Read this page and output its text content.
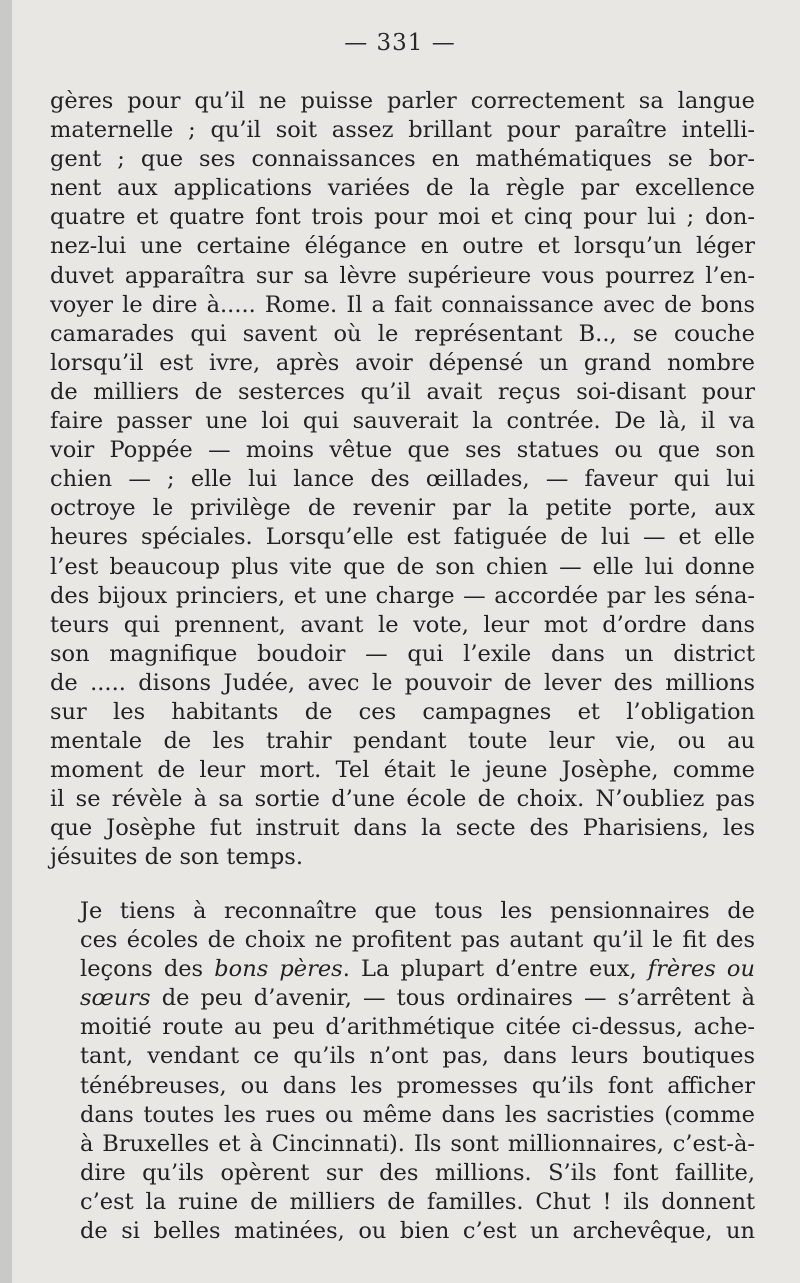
— 331 —
gères pour qu’il ne puisse parler correctement sa langue
maternelle ; qu’il soit assez brillant pour paraître intelli-
gent ; que ses connaissances en mathématiques se bor-
nent aux applications variées de la règle par excellence
quatre et quatre font trois pour moi et cinq pour lui ; don-
nez-lui une certaine élégance en outre et lorsqu’un léger
duvet apparaîtra sur sa lèvre supérieure vous pourrez l’en-
voyer le dire à..... Rome. Il a fait connaissance avec de bons
camarades qui savent où le représentant B.., se couche
lorsqu’il est ivre, après avoir dépensé un grand nombre
de milliers de sesterces qu’il avait reçus soi-disant pour
faire passer une loi qui sauverait la contrée. De là, il va
voir Poppée — moins vêtue que ses statues ou que son
chien — ; elle lui lance des œillades, — faveur qui lui
octroye le privilège de revenir par la petite porte, aux
heures spéciales. Lorsqu’elle est fatiguée de lui — et elle
l’est beaucoup plus vite que de son chien — elle lui donne
des bijoux princiers, et une charge — accordée par les séna-
teurs qui prennent, avant le vote, leur mot d’ordre dans
son magnifique boudoir — qui l’exile dans un district
de ..... disons Judée, avec le pouvoir de lever des millions
sur les habitants de ces campagnes et l’obligation
mentale de les trahir pendant toute leur vie, ou au
moment de leur mort. Tel était le jeune Josèphe, comme
il se révèle à sa sortie d’une école de choix. N’oubliez pas
que Josèphe fut instruit dans la secte des Pharisiens, les
jésuites de son temps.
Je tiens à reconnaître que tous les pensionnaires de
ces écoles de choix ne profitent pas autant qu’il le fit des
leçons des bons pères. La plupart d’entre eux, frères ou
sœurs de peu d’avenir, — tous ordinaires — s’arrêtent à
moitié route au peu d’arithmétique citée ci-dessus, ache-
tant, vendant ce qu’ils n’ont pas, dans leurs boutiques
ténébreuses, ou dans les promesses qu’ils font afficher
dans toutes les rues ou même dans les sacristies (comme
à Bruxelles et à Cincinnati). Ils sont millionnaires, c’est-à-
dire qu’ils opèrent sur des millions. S’ils font faillite,
c’est la ruine de milliers de familles. Chut ! ils donnent
de si belles matinées, ou bien c’est un archevêque, un
